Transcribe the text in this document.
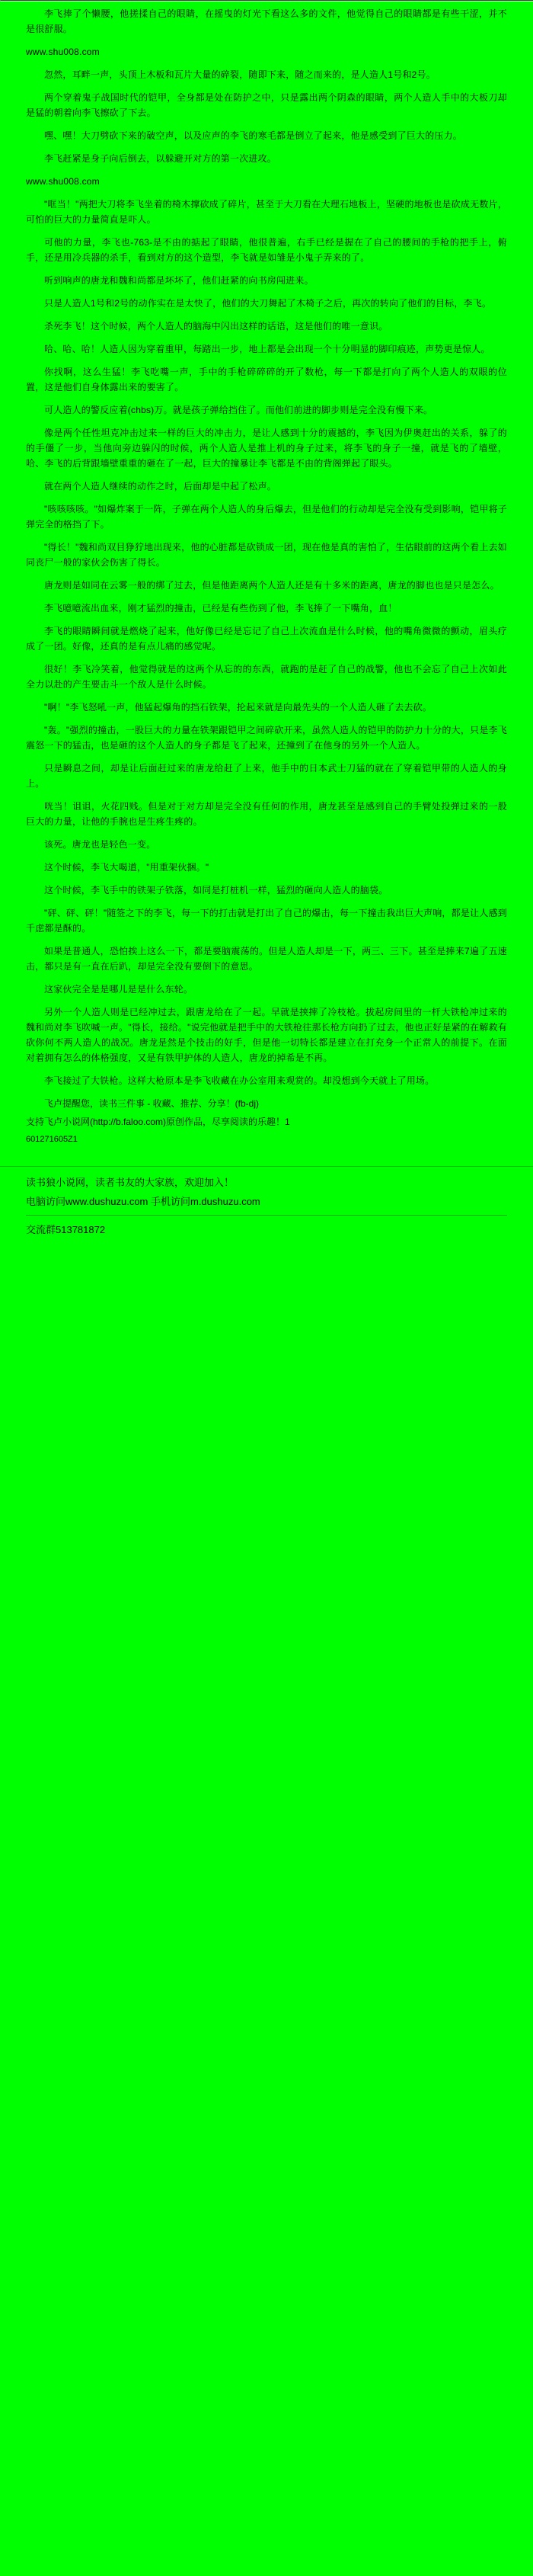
李飞捧了个懒腰，他搓揉自己的眼睛，在摇曳的灯光下看这么多的文件，他觉得自己的眼睛都是有些干涩，并不是很舒服。

www.shu008.com

忽然，耳畔一声，头顶上木板和瓦片大量的碎裂，随即下来，随之而来的，是人造人1号和2号。

两个穿着鬼子战国时代的铠甲，全身都是处在防护之中，只是露出两个阴森的眼睛，两个人造人手中的大板刀却是猛的朝着向李飞擦砍了下去。

嘿、嘿！大刀劈砍下来的破空声，以及应声的李飞的寒毛都是倒立了起来，他是感受到了巨大的压力。

李飞赶紧是身子向后倒去，以躲避开对方的第一次进攻。

www.shu008.com

"哐当！"两把大刀将李飞坐着的椅木撑砍成了碎片，甚至于大刀看在大理石地板上，坚硬的地板也是砍成无数片，可怕的巨大的力量简直是吓人。

可他的力量，李飞也-763-是不由的掂起了眼睛，他很普遍，右手已经是握在了自己的腰间的手枪的把手上，俯手，还是用冷兵器的杀手，看到对方的这个造型，李飞就是如雏是小鬼子弄来的了。

听到响声的唐龙和魏和尚都是坏坏了，他们赶紧的向书房闯进来。

只是人造人1号和2号的动作实在是太快了，他们的大刀舞起了木椅子之后，再次的转向了他们的目标，李飞。

杀死李飞！这个时候，两个人造人的脑海中闪出这样的话语，这是他们的唯一意识。

哈、哈、哈！人造人因为穿着重甲，每踏出一步，地上都是会出现一个十分明显的脚印痕迹，声势更是惊人。

你找啊，这么生猛！李飞吃嘴一声，手中的手枪碎碎碎的开了数枪，每一下都是打向了两个人造人的双眼的位置，这是他们自身体露出来的要害了。

可人造人的警反应着(chbs)万。就是孩子弹给挡住了。而他们前进的脚步则是完全没有慢下来。

像是两个任性坦克冲击过来一样的巨大的冲击力，是让人感到十分的震撼的，李飞因为伊奥赶出的关系，躲了的的手僵了一步，当他向旁边躲闪的时候，两个人造人是推上机的身子过来，将李飞的身子一撞，就是飞的了墙壁，哈、李飞的后背跟墙壁重重的砸在了一起，巨大的撞暴让李飞都是不由的背阁弹起了眼头。

就在两个人造人继续的动作之时，后面却是中起了松声。

"咳咳咳咳。"如爆炸案于一阵，子弹在两个人造人的身后爆去，但是他们的行动却是完全没有受到影响，铠甲将子弹完全的格挡了下。

"得长！"魏和尚双目狰狞地出现来，他的心脏都是砍锁成一团，现在他是真的害怕了，生估眼前的这两个看上去如同丧尸一般的家伙会伤害了得长。

唐龙则是如同在云雾一般的绑了过去，但是他距离两个人造人还是有十多米的距离，唐龙的脚也也是只是怎么。

李飞噫噫流出血来，刚才猛烈的撞击，已经是有些伤到了他，李飞捧了一下嘴角，血！

李飞的眼睛瞬间就是燃烧了起来，他好像已经是忘记了自己上次流血是什么时候，他的嘴角微微的颤动，眉头疗成了一团。好像，还真的是有点儿痛的感觉呢。

很好！李飞冷笑着，他觉得就是的这两个从忘的的东西，就跑的是赶了自己的战警，他也不会忘了自己上次如此全力以赴的产生要击斗一个敌人是什么时候。

"啊！"李飞怒吼一声，他猛起爆角的挡石铁架，抡起来就是向最先头的一个人造人砸了去去砍。

"轰。"强烈的撞击，一股巨大的力量在铁架跟铠甲之间碎砍开来，虽然人造人的铠甲的防护力十分的大，只是李飞震怒一下的猛击，也是砸的这个人造人的身子都是飞了起来，还撞到了在他身的另外一个人造人。

只是瞬息之间，却是让后面赶过来的唐龙给赶了上来，他手中的日本武士刀猛的就在了穿着铠甲带的人造人的身上。

咣当！诅诅，火花四贱。但是对于对方却是完全没有任何的作用，唐龙甚至是感到自己的手臂处投弹过来的一股巨大的力量，让他的手腕也是生疼生疼的。

该死。唐龙也是轻色一变。

这个时候，李飞大喝道，"用重架伙捆。"

这个时候，李飞手中的铁架子铁落，如同是打桩机一样，猛烈的砸向人造人的脑袋。

"砰、砰、砰！"随签之下的李飞，每一下的打击就是打出了自己的爆击，每一下撞击我出巨大声响，都是让人感到千虑都是酥的。

如果是普通人，恐怕挨上这么一下，都是要脑震荡的。但是人造人却是一下，两三、三下。甚至是捧来7遍了五速击，都只是有一直在后趴，却是完全没有要倒下的意思。

这家伙完全是是哪儿是是什么东轮。

另外一个人造人则是已经冲过去，跟唐龙给在了一起。早就是挟摔了冷枝枪。拔起房间里的一杆大铁枪冲过来的魏和尚对李飞吹喊一声。"得长，接给。"说完他就是把手中的大铁枪往那长枪方向扔了过去，他也正好是紧的在解救有砍你何不两人造人的战况。唐龙是然是个技击的好手，但是他一切特长都是建立在打充身一个正常人的前提下。在面对着拥有怎么的体格强度，又是有铁甲护体的人造人，唐龙的掉希是不再。

李飞接过了大铁枪。这样大枪原本是李飞收藏在办公室用来观赏的。却没想到今天就上了用场。

飞卢提醒您，读书三件事 - 收藏、推荐、分享！(fb-dj)

支持飞卢小说网(http://b.faloo.com)原创作品，尽享阅读的乐趣！1

601271605Z1

读书狼小说网，读者书友的大家族，欢迎加入！

电脑访问www.dushuzu.com 手机访问m.dushuzu.com

交流群513781872
